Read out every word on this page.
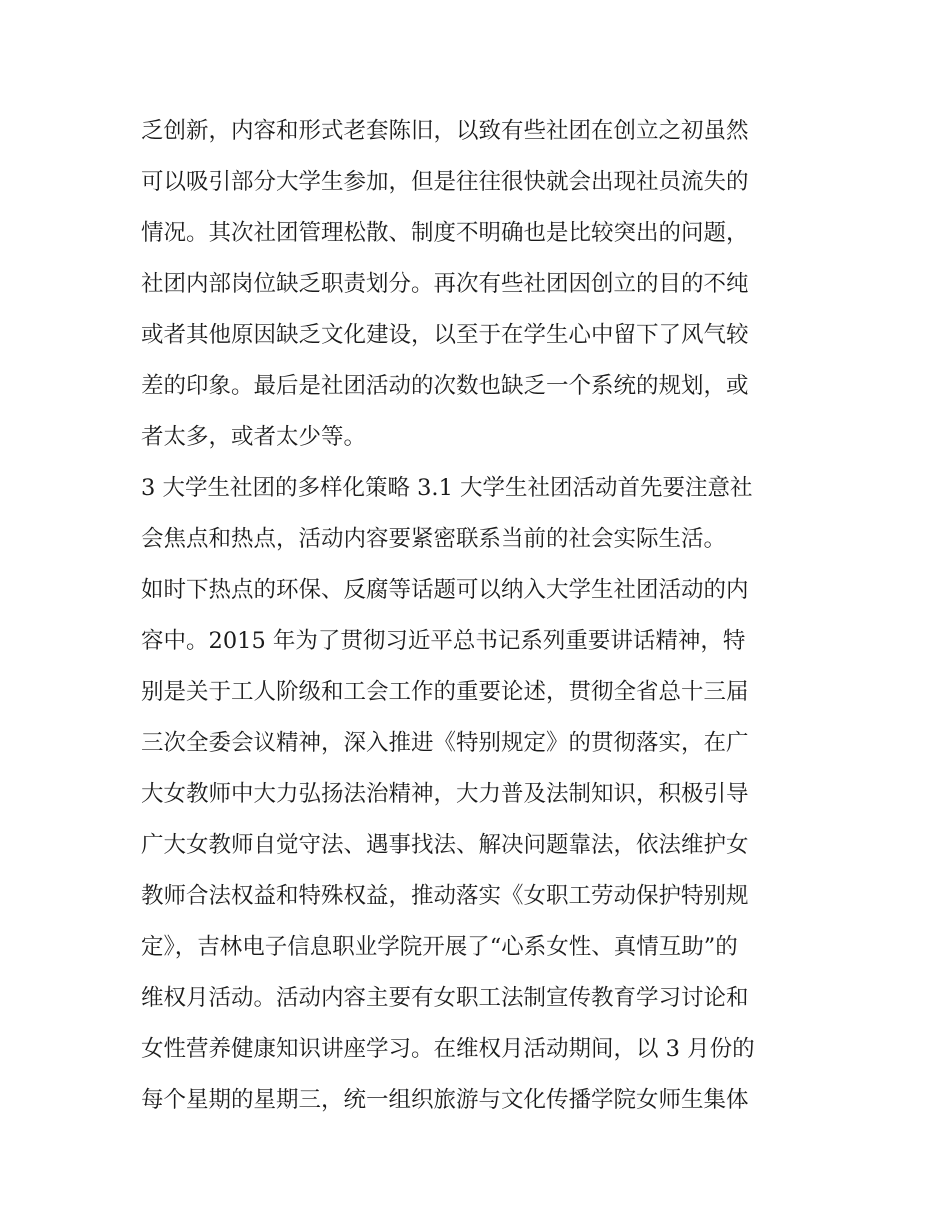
乏创新，内容和形式老套陈旧，以致有些社团在创立之初虽然
可以吸引部分大学生参加，但是往往很快就会出现社员流失的
情况。其次社团管理松散、制度不明确也是比较突出的问题，
社团内部岗位缺乏职责划分。再次有些社团因创立的目的不纯
或者其他原因缺乏文化建设，以至于在学生心中留下了风气较
差的印象。最后是社团活动的次数也缺乏一个系统的规划，或
者太多，或者太少等。
3 大学生社团的多样化策略 3.1 大学生社团活动首先要注意社
会焦点和热点，活动内容要紧密联系当前的社会实际生活。
如时下热点的环保、反腐等话题可以纳入大学生社团活动的内
容中。2015 年为了贯彻习近平总书记系列重要讲话精神，特
别是关于工人阶级和工会工作的重要论述，贯彻全省总十三届
三次全委会议精神，深入推进《特别规定》的贯彻落实，在广
大女教师中大力弘扬法治精神，大力普及法制知识，积极引导
广大女教师自觉守法、遇事找法、解决问题靠法，依法维护女
教师合法权益和特殊权益，推动落实《女职工劳动保护特别规
定》，吉林电子信息职业学院开展了“心系女性、真情互助”的
维权月活动。活动内容主要有女职工法制宣传教育学习讨论和
女性营养健康知识讲座学习。在维权月活动期间，以 3 月份的
每个星期的星期三，统一组织旅游与文化传播学院女师生集体
